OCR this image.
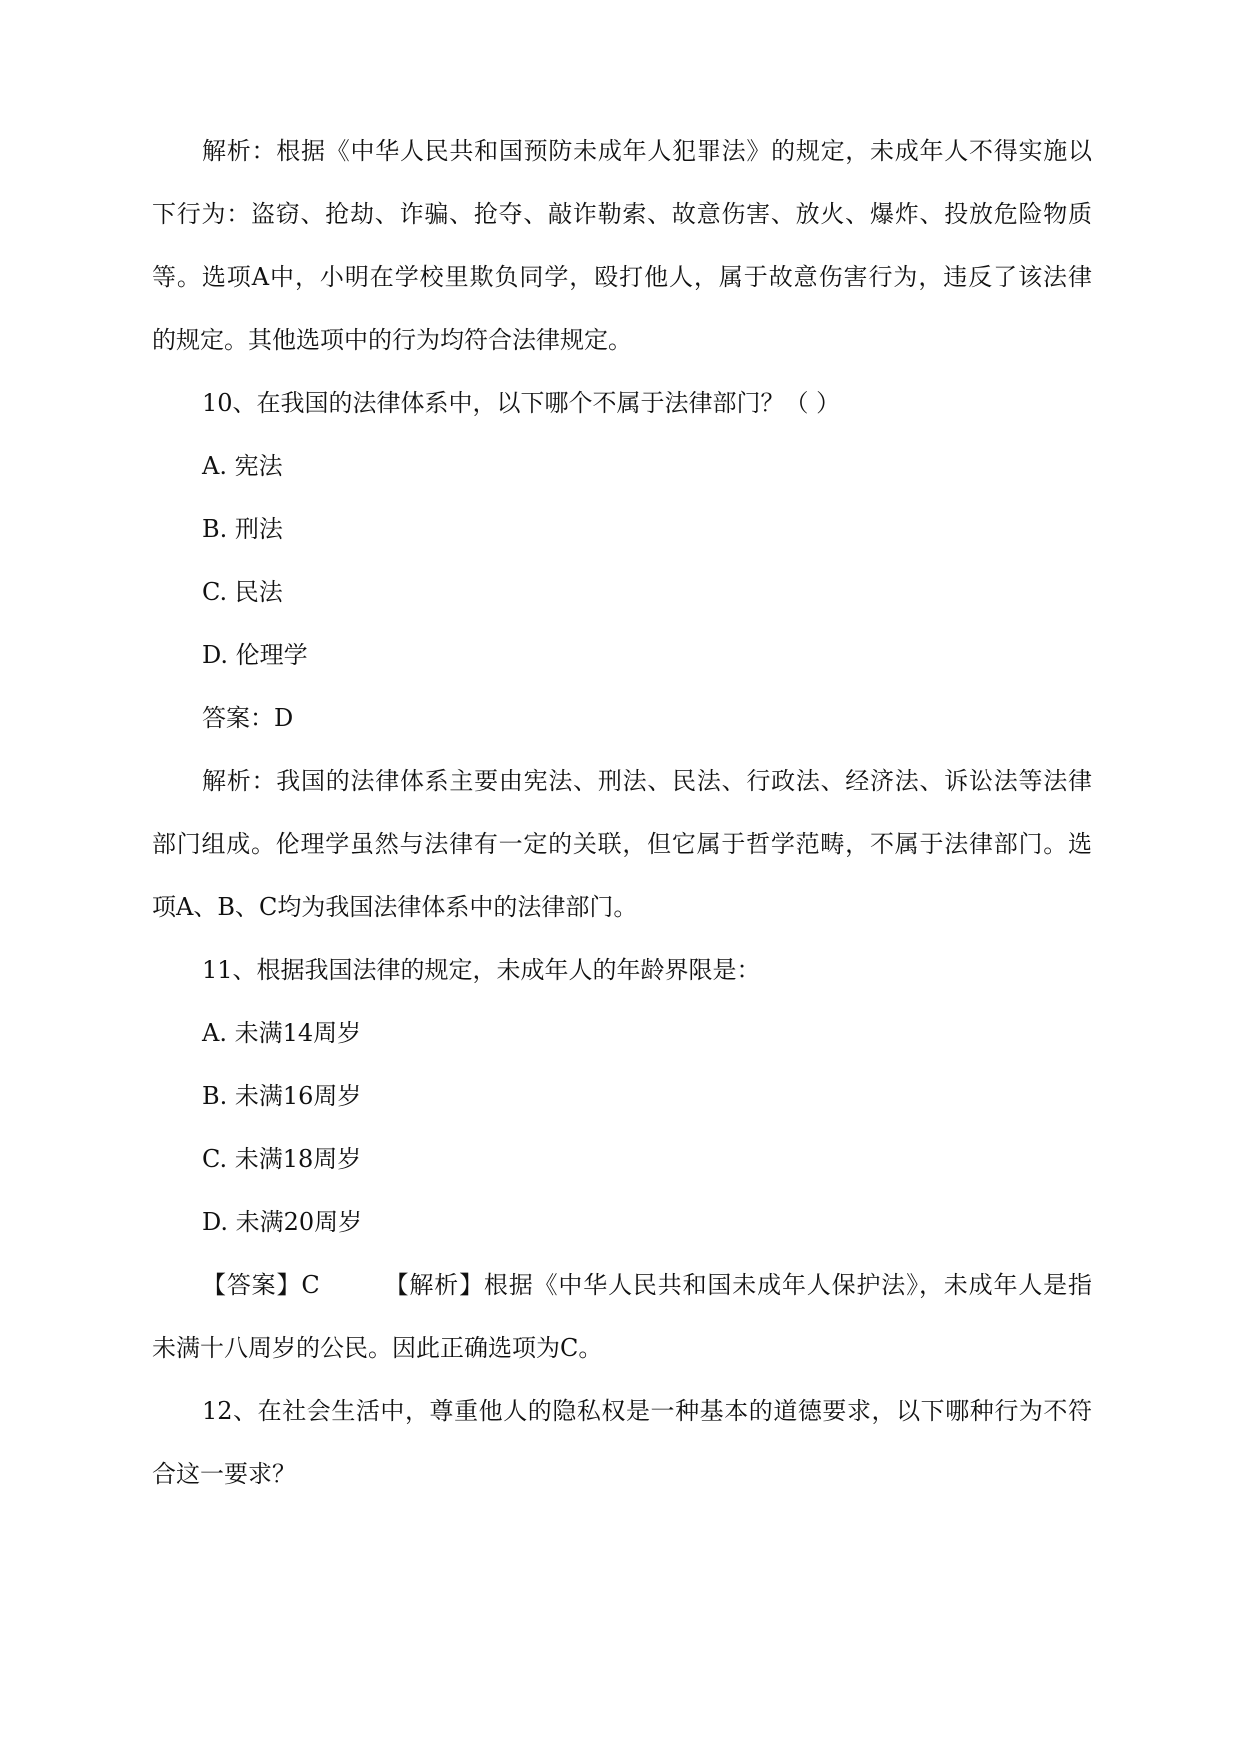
解析：根据《中华人民共和国预防未成年人犯罪法》的规定，未成年人不得实施以
下行为：盗窃、抢劫、诈骗、抢夺、敲诈勒索、故意伤害、放火、爆炸、投放危险物质
等。选项A中，小明在学校里欺负同学，殴打他人，属于故意伤害行为，违反了该法律
的规定。其他选项中的行为均符合法律规定。
10、在我国的法律体系中，以下哪个不属于法律部门？（ ）
A. 宪法
B. 刑法
C. 民法
D. 伦理学
答案：D
解析：我国的法律体系主要由宪法、刑法、民法、行政法、经济法、诉讼法等法律
部门组成。伦理学虽然与法律有一定的关联，但它属于哲学范畴，不属于法律部门。选
项A、B、C均为我国法律体系中的法律部门。
11、根据我国法律的规定，未成年人的年龄界限是：
A. 未满14周岁
B. 未满16周岁
C. 未满18周岁
D. 未满20周岁
【答案】C	【解析】根据《中华人民共和国未成年人保护法》，未成年人是指
未满十八周岁的公民。因此正确选项为C。
12、在社会生活中，尊重他人的隐私权是一种基本的道德要求，以下哪种行为不符
合这一要求？
